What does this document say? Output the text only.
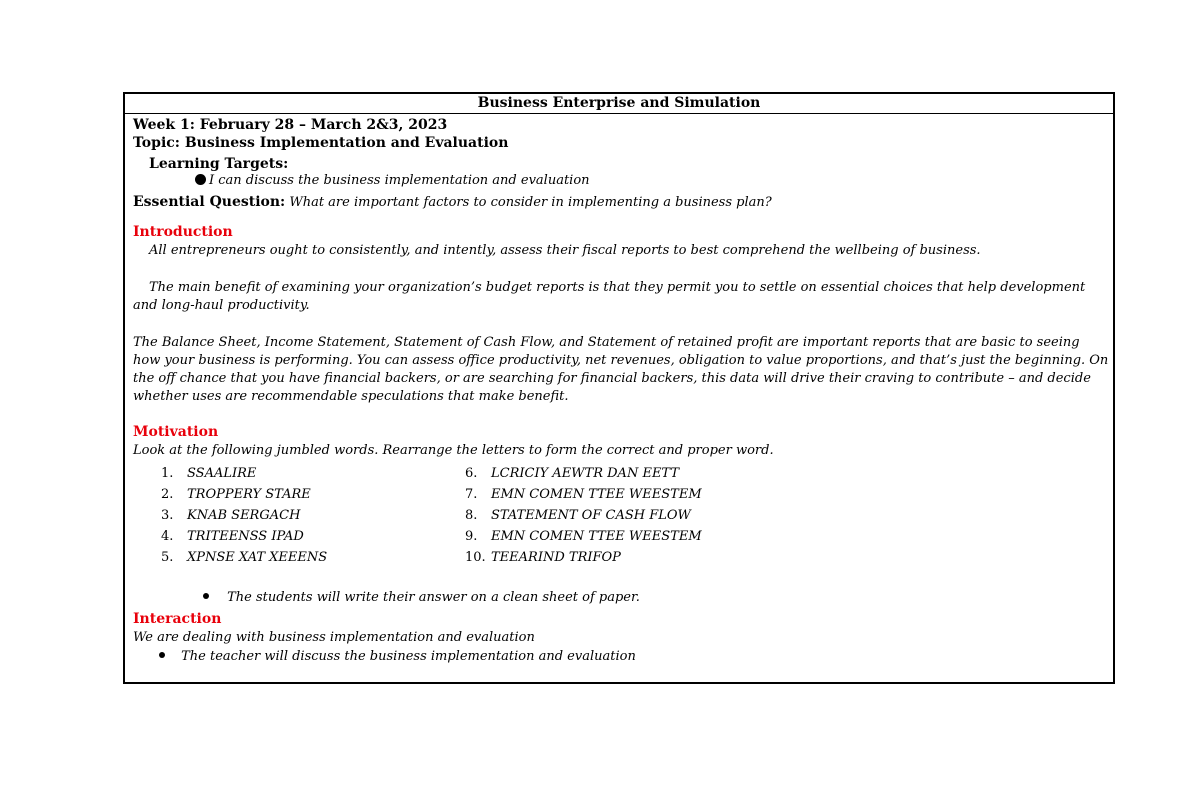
Business Enterprise and Simulation
Week 1: February 28 – March 2&3, 2023
Topic: Business Implementation and Evaluation
Learning Targets:
I can discuss the business implementation and evaluation
Essential Question: What are important factors to consider in implementing a business plan?
Introduction
All entrepreneurs ought to consistently, and intently, assess their fiscal reports to best comprehend the wellbeing of business.
The main benefit of examining your organization’s budget reports is that they permit you to settle on essential choices that help development and long-haul productivity.
The Balance Sheet, Income Statement, Statement of Cash Flow, and Statement of retained profit are important reports that are basic to seeing how your business is performing. You can assess office productivity, net revenues, obligation to value proportions, and that’s just the beginning. On the off chance that you have financial backers, or are searching for financial backers, this data will drive their craving to contribute – and decide whether uses are recommendable speculations that make benefit.
Motivation
Look at the following jumbled words. Rearrange the letters to form the correct and proper word.
1. SSAALIRE
2. TROPPERY STARE
3. KNAB SERGACH
4. TRITEENSS IPAD
5. XPNSE XAT XEEENS
6. LCRICIY AEWTR DAN EETT
7. EMN COMEN TTEE WEESTEM
8. STATEMENT OF CASH FLOW
9. EMN COMEN TTEE WEESTEM
10. TEEARIND TRIFOP
The students will write their answer on a clean sheet of paper.
Interaction
We are dealing with business implementation and evaluation
The teacher will discuss the business implementation and evaluation
